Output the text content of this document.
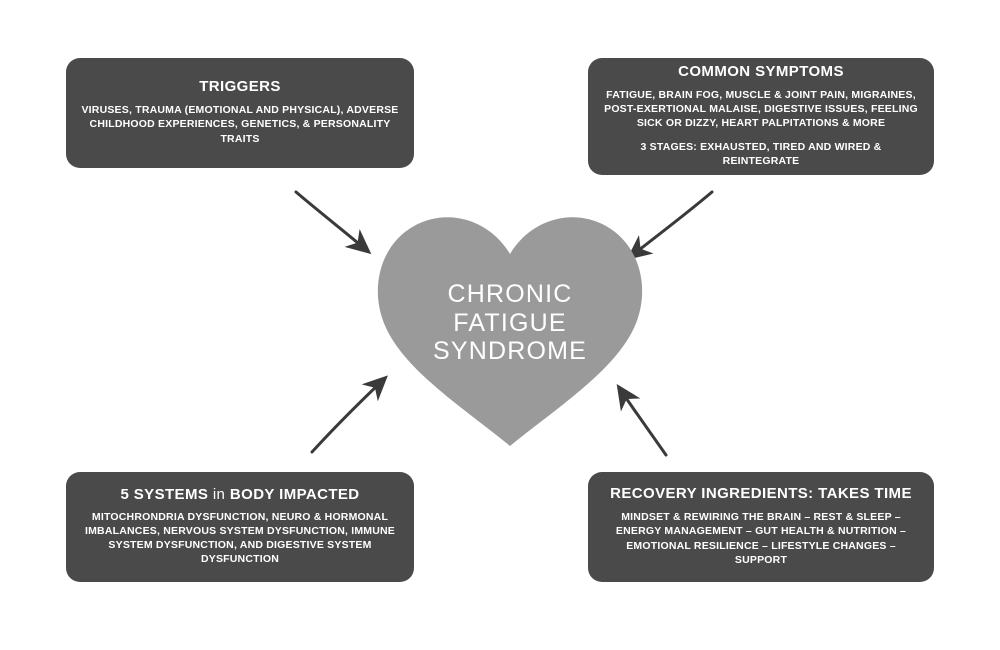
CHRONIC
FATIGUE
SYNDROME
TRIGGERS
VIRUSES, TRAUMA (EMOTIONAL AND PHYSICAL), ADVERSE CHILDHOOD EXPERIENCES, GENETICS, & PERSONALITY TRAITS
COMMON SYMPTOMS
FATIGUE, BRAIN FOG, MUSCLE & JOINT PAIN, MIGRAINES, POST-EXERTIONAL MALAISE, DIGESTIVE ISSUES, FEELING SICK OR DIZZY, HEART PALPITATIONS & MORE
3 STAGES: EXHAUSTED, TIRED AND WIRED & REINTEGRATE
5 SYSTEMS in BODY IMPACTED
MITOCHRONDRIA DYSFUNCTION, NEURO & HORMONAL IMBALANCES, NERVOUS SYSTEM DYSFUNCTION, IMMUNE SYSTEM DYSFUNCTION, AND DIGESTIVE SYSTEM DYSFUNCTION
RECOVERY INGREDIENTS: TAKES TIME
MINDSET & REWIRING THE BRAIN – REST & SLEEP – ENERGY MANAGEMENT – GUT HEALTH & NUTRITION – EMOTIONAL RESILIENCE – LIFESTYLE CHANGES – SUPPORT
